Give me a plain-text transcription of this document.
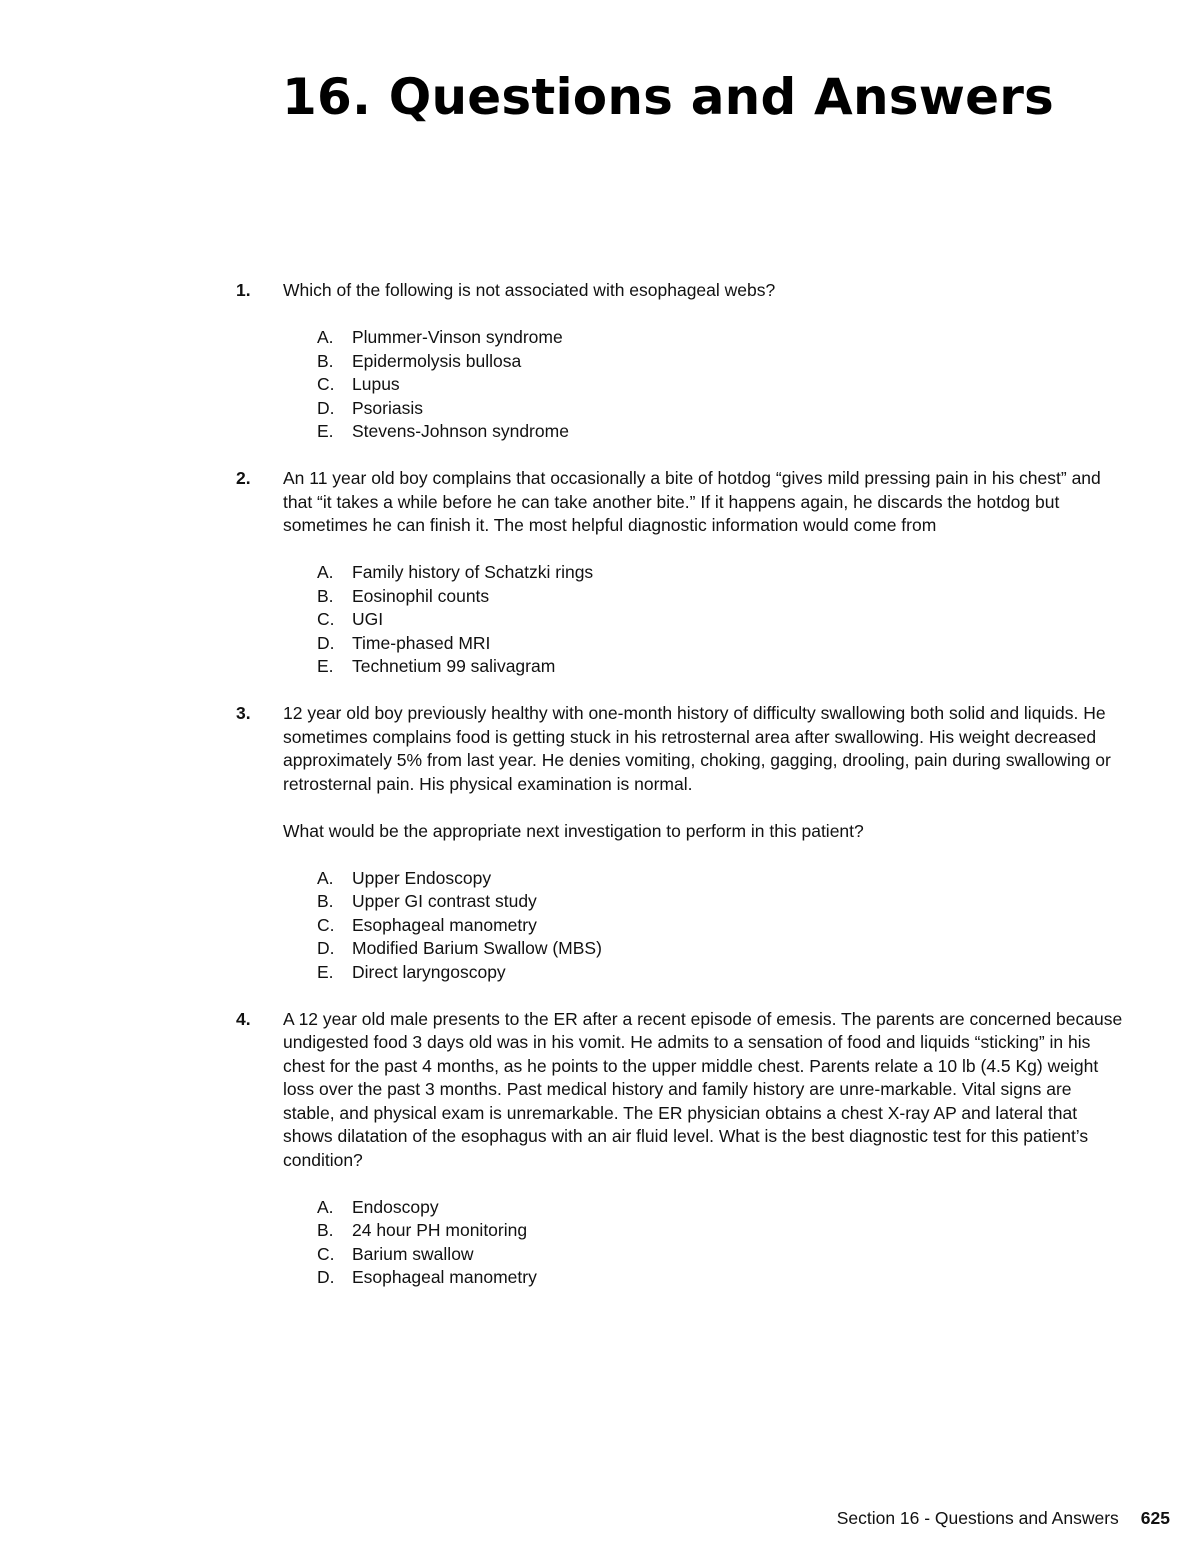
16. Questions and Answers
1. Which of the following is not associated with esophageal webs?

A. Plummer-Vinson syndrome
B. Epidermolysis bullosa
C. Lupus
D. Psoriasis
E. Stevens-Johnson syndrome
2. An 11 year old boy complains that occasionally a bite of hotdog “gives mild pressing pain in his chest” and that “it takes a while before he can take another bite.” If it happens again, he discards the hotdog but sometimes he can finish it. The most helpful diagnostic information would come from

A. Family history of Schatzki rings
B. Eosinophil counts
C. UGI
D. Time-phased MRI
E. Technetium 99 salivagram
3. 12 year old boy previously healthy with one-month history of difficulty swallowing both solid and liquids. He sometimes complains food is getting stuck in his retrosternal area after swallowing. His weight decreased approximately 5% from last year. He denies vomiting, choking, gagging, drooling, pain during swallowing or retrosternal pain. His physical examination is normal.

What would be the appropriate next investigation to perform in this patient?

A. Upper Endoscopy
B. Upper GI contrast study
C. Esophageal manometry
D. Modified Barium Swallow (MBS)
E. Direct laryngoscopy
4. A 12 year old male presents to the ER after a recent episode of emesis. The parents are concerned because undigested food 3 days old was in his vomit. He admits to a sensation of food and liquids “sticking” in his chest for the past 4 months, as he points to the upper middle chest. Parents relate a 10 lb (4.5 Kg) weight loss over the past 3 months. Past medical history and family history are unre-markable. Vital signs are stable, and physical exam is unremarkable. The ER physician obtains a chest X-ray AP and lateral that shows dilatation of the esophagus with an air fluid level. What is the best diagnostic test for this patient’s condition?

A. Endoscopy
B. 24 hour PH monitoring
C. Barium swallow
D. Esophageal manometry
Section 16 - Questions and Answers 625
